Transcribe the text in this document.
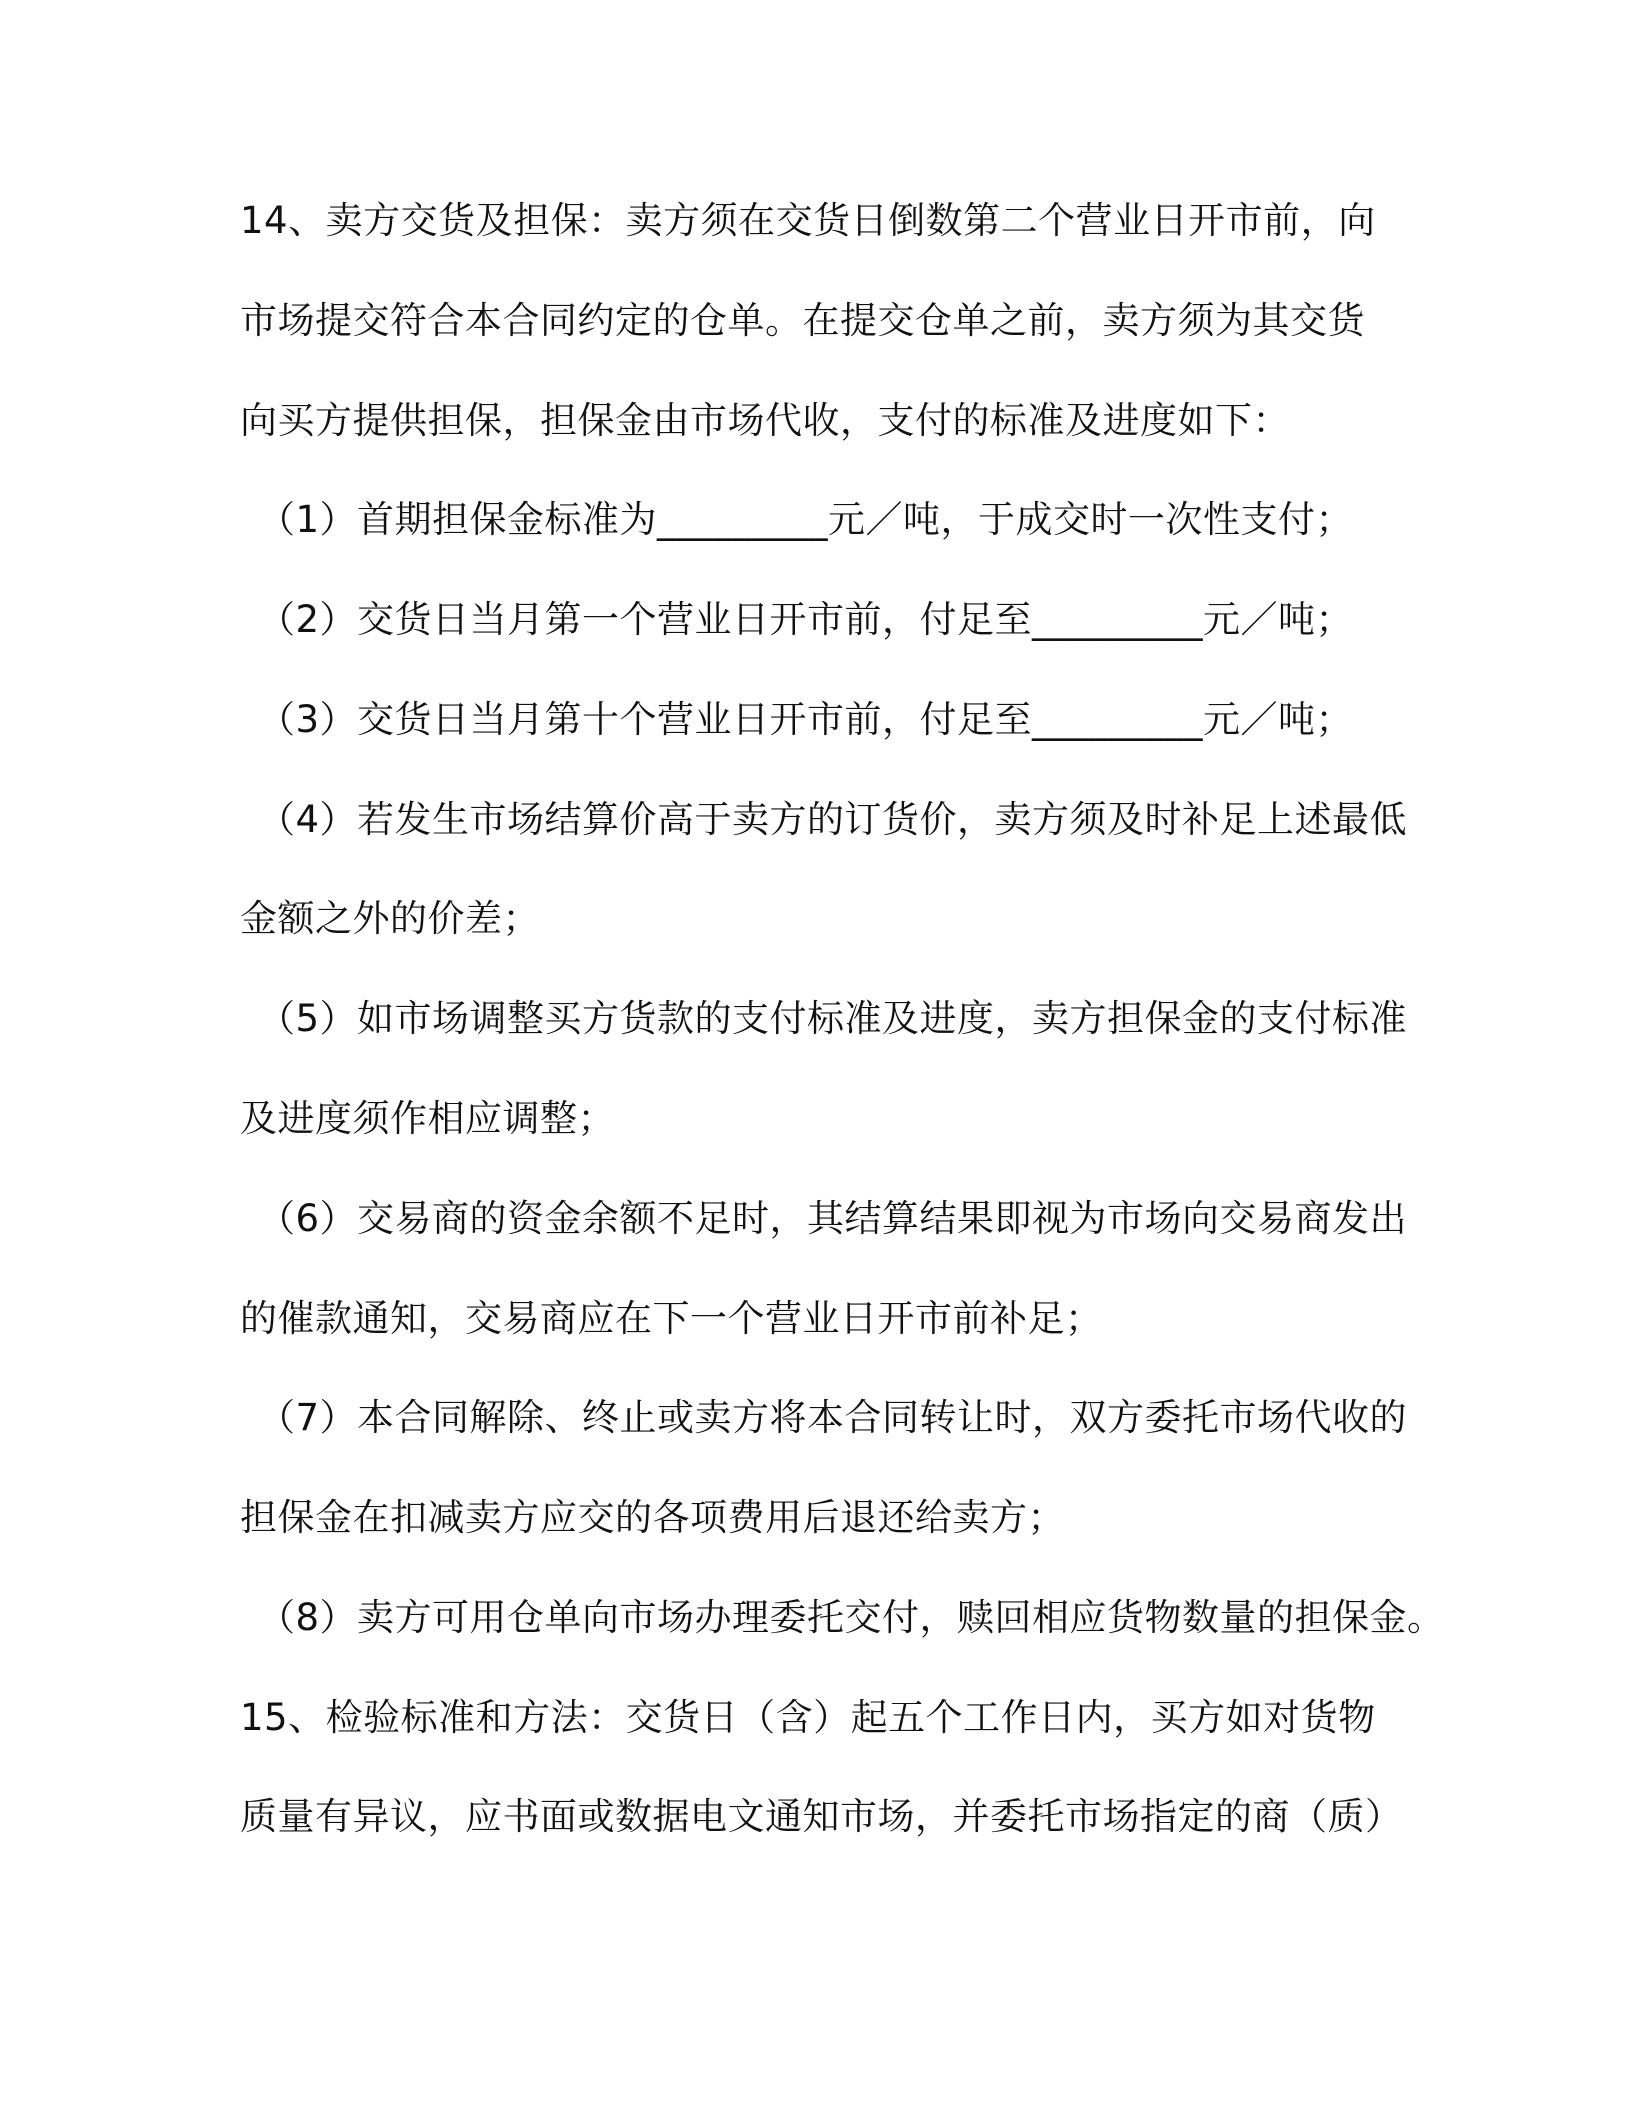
14、卖方交货及担保：卖方须在交货日倒数第二个营业日开市前，向
市场提交符合本合同约定的仓单。在提交仓单之前，卖方须为其交货
向买方提供担保，担保金由市场代收，支付的标准及进度如下：
（1）首期担保金标准为_________元／吨，于成交时一次性支付；
（2）交货日当月第一个营业日开市前，付足至_________元／吨；
（3）交货日当月第十个营业日开市前，付足至_________元／吨；
（4）若发生市场结算价高于卖方的订货价，卖方须及时补足上述最低
金额之外的价差；
（5）如市场调整买方货款的支付标准及进度，卖方担保金的支付标准
及进度须作相应调整；
（6）交易商的资金余额不足时，其结算结果即视为市场向交易商发出
的催款通知，交易商应在下一个营业日开市前补足；
（7）本合同解除、终止或卖方将本合同转让时，双方委托市场代收的
担保金在扣减卖方应交的各项费用后退还给卖方；
（8）卖方可用仓单向市场办理委托交付，赎回相应货物数量的担保金。
15、检验标准和方法：交货日（含）起五个工作日内，买方如对货物
质量有异议，应书面或数据电文通知市场，并委托市场指定的商（质）
